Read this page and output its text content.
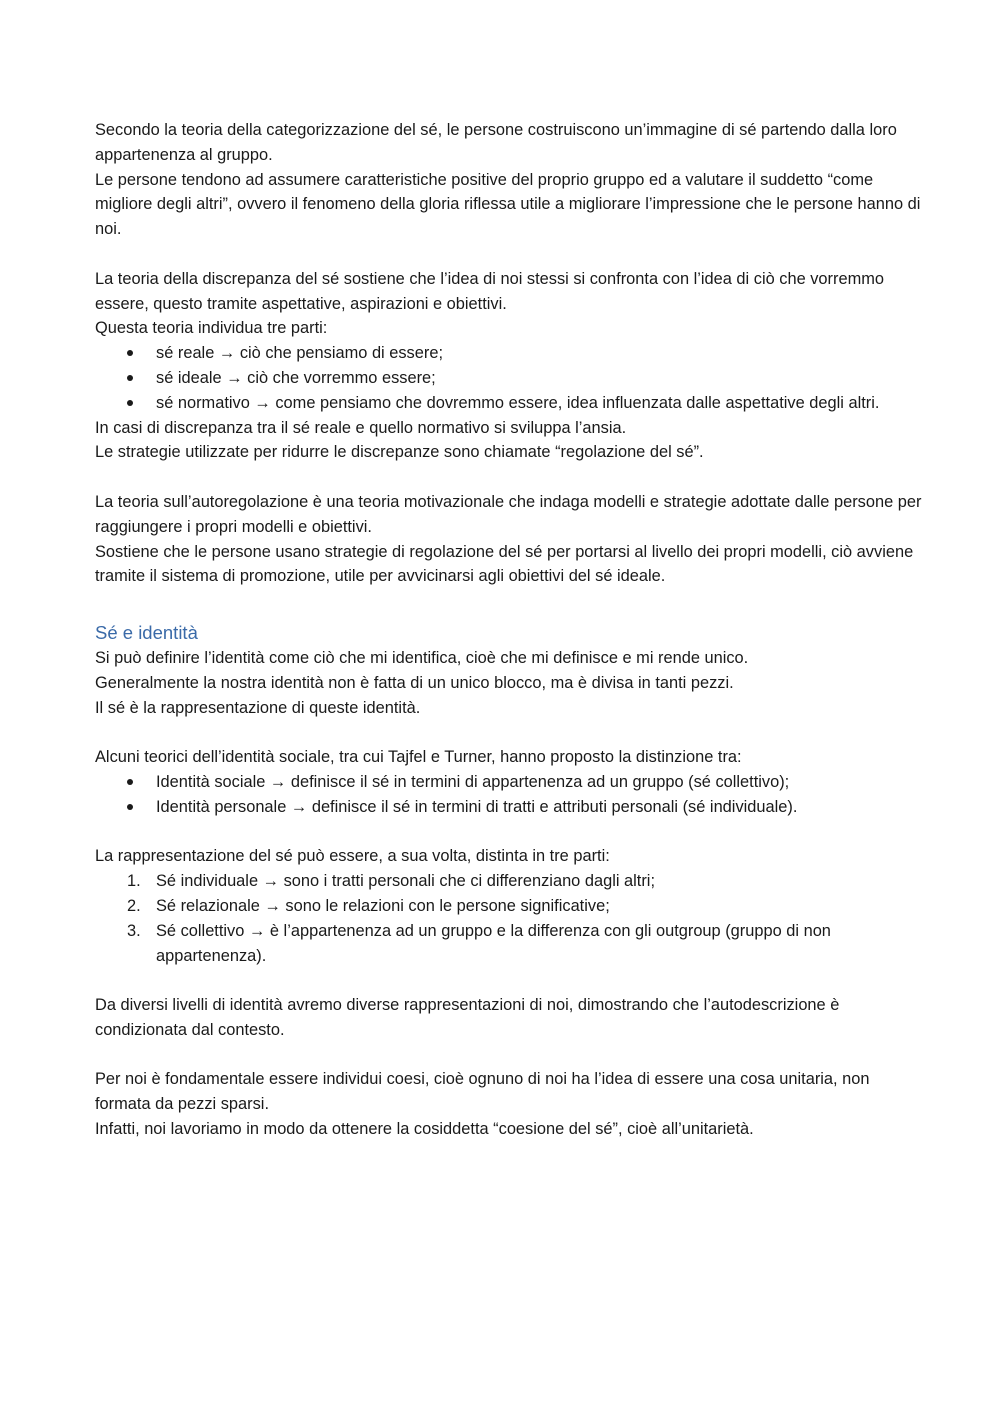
Secondo la teoria della categorizzazione del sé, le persone costruiscono un’immagine di sé partendo dalla loro appartenenza al gruppo.

Le persone tendono ad assumere caratteristiche positive del proprio gruppo ed a valutare il suddetto “come migliore degli altri”, ovvero il fenomeno della gloria riflessa utile a migliorare l’impressione che le persone hanno di noi.

La teoria della discrepanza del sé sostiene che l’idea di noi stessi si confronta con l’idea di ciò che vorremmo essere, questo tramite aspettative, aspirazioni e obiettivi.

Questa teoria individua tre parti:

sé reale → ciò che pensiamo di essere;
sé ideale → ciò che vorremmo essere;
sé normativo → come pensiamo che dovremmo essere, idea influenzata dalle aspettative degli altri.

In casi di discrepanza tra il sé reale e quello normativo si sviluppa l’ansia.

Le strategie utilizzate per ridurre le discrepanze sono chiamate “regolazione del sé”.

La teoria sull’autoregolazione è una teoria motivazionale che indaga modelli e strategie adottate dalle persone per raggiungere i propri modelli e obiettivi.

Sostiene che le persone usano strategie di regolazione del sé per portarsi al livello dei propri modelli, ciò avviene tramite il sistema di promozione, utile per avvicinarsi agli obiettivi del sé ideale.

Sé e identità

Si può definire l’identità come ciò che mi identifica, cioè che mi definisce e mi rende unico.

Generalmente la nostra identità non è fatta di un unico blocco, ma è divisa in tanti pezzi.

Il sé è la rappresentazione di queste identità.

Alcuni teorici dell’identità sociale, tra cui Tajfel e Turner, hanno proposto la distinzione tra:

Identità sociale → definisce il sé in termini di appartenenza ad un gruppo (sé collettivo);
Identità personale → definisce il sé in termini di tratti e attributi personali (sé individuale).

La rappresentazione del sé può essere, a sua volta, distinta in tre parti:

1. Sé individuale → sono i tratti personali che ci differenziano dagli altri;
2. Sé relazionale → sono le relazioni con le persone significative;
3. Sé collettivo → è l’appartenenza ad un gruppo e la differenza con gli outgroup (gruppo di non appartenenza).

Da diversi livelli di identità avremo diverse rappresentazioni di noi, dimostrando che l’autodescrizione è condizionata dal contesto.

Per noi è fondamentale essere individui coesi, cioè ognuno di noi ha l’idea di essere una cosa unitaria, non formata da pezzi sparsi.

Infatti, noi lavoriamo in modo da ottenere la cosiddetta “coesione del sé”, cioè all’unitarietà.
